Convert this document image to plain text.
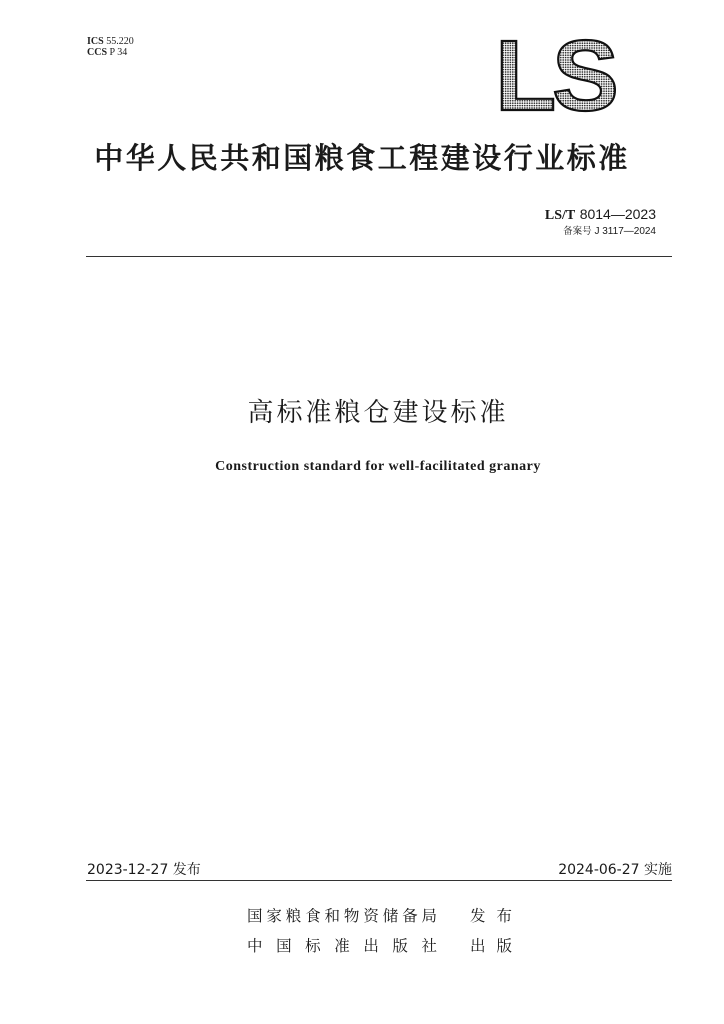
ICS 55.220
CCS P 34	LS
中华人民共和国粮食工程建设行业标准
LS/T 8014—2023
备案号 J 3117—2024
高标准粮仓建设标准
Construction standard for well-facilitated granary
2023-12-27 发布	2024-06-27 实施
国家粮食和物资储备局 发布
中国标准出版社 出版
